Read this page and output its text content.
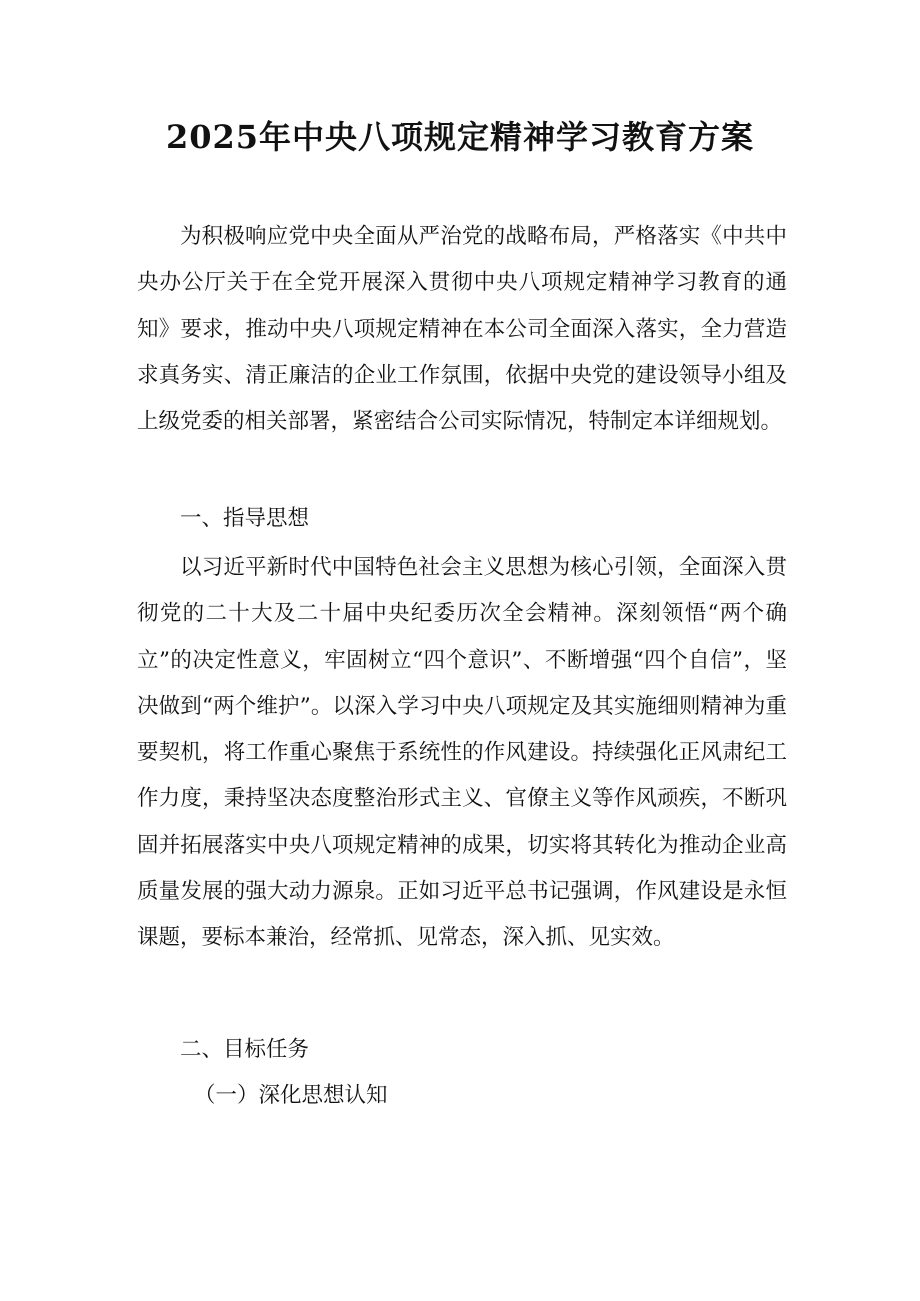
2025年中央八项规定精神学习教育方案

为积极响应党中央全面从严治党的战略布局，严格落实《中共中央办公厅关于在全党开展深入贯彻中央八项规定精神学习教育的通知》要求，推动中央八项规定精神在本公司全面深入落实，全力营造求真务实、清正廉洁的企业工作氛围，依据中央党的建设领导小组及上级党委的相关部署，紧密结合公司实际情况，特制定本详细规划。

一、指导思想

以习近平新时代中国特色社会主义思想为核心引领，全面深入贯彻党的二十大及二十届中央纪委历次全会精神。深刻领悟“两个确立”的决定性意义，牢固树立“四个意识”、不断增强“四个自信”，坚决做到“两个维护”。以深入学习中央八项规定及其实施细则精神为重要契机，将工作重心聚焦于系统性的作风建设。持续强化正风肃纪工作力度，秉持坚决态度整治形式主义、官僚主义等作风顽疾，不断巩固并拓展落实中央八项规定精神的成果，切实将其转化为推动企业高质量发展的强大动力源泉。正如习近平总书记强调，作风建设是永恒课题，要标本兼治，经常抓、见常态，深入抓、见实效。

二、目标任务

（一）深化思想认知
